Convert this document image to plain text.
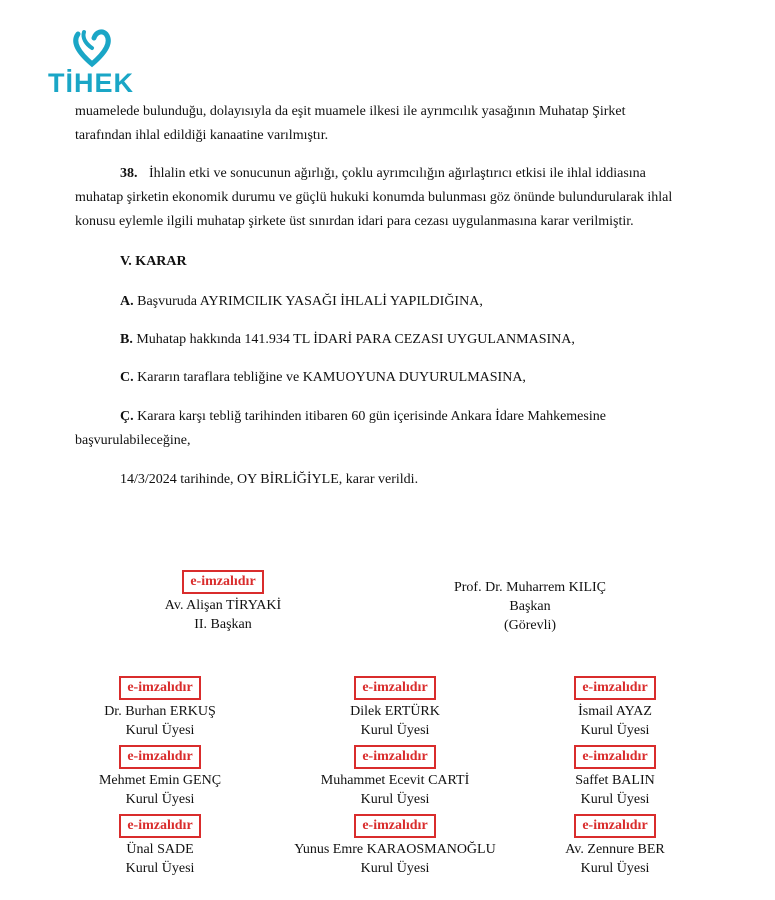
TİHEK

muamelede bulunduğu, dolayısıyla da eşit muamele ilkesi ile ayrımcılık yasağının Muhatap Şirket

tarafından ihlal edildiği kanaatine varılmıştır.

38. İhlalin etki ve sonucunun ağırlığı, çoklu ayrımcılığın ağırlaştırıcı etkisi ile ihlal iddiasına

muhatap şirketin ekonomik durumu ve güçlü hukuki konumda bulunması göz önünde bulundurularak ihlal

konusu eylemle ilgili muhatap şirkete üst sınırdan idari para cezası uygulanmasına karar verilmiştir.

V. KARAR

A. Başvuruda AYRIMCILIK YASAĞI İHLALİ YAPILDIĞINA,

B. Muhatap hakkında 141.934 TL İDARİ PARA CEZASI UYGULANMASINA,

C. Kararın taraflara tebliğine ve KAMUOYUNA DUYURULMASINA,

Ç. Karara karşı tebliğ tarihinden itibaren 60 gün içerisinde Ankara İdare Mahkemesine

başvurulabileceğine,

14/3/2024 tarihinde, OY BİRLİĞİYLE, karar verildi.

e-imzalıdır
Av. Alişan TİRYAKİ
II. Başkan
Prof. Dr. Muharrem KILIÇ
Başkan
(Görevli)
e-imzalıdır
Dr. Burhan ERKUŞ
Kurul Üyesi
e-imzalıdır
Dilek ERTÜRK
Kurul Üyesi
e-imzalıdır
İsmail AYAZ
Kurul Üyesi
e-imzalıdır
Mehmet Emin GENÇ
Kurul Üyesi
e-imzalıdır
Muhammet Ecevit CARTİ
Kurul Üyesi
e-imzalıdır
Saffet BALIN
Kurul Üyesi
e-imzalıdır
Ünal SADE
Kurul Üyesi
e-imzalıdır
Yunus Emre KARAOSMANOĞLU
Kurul Üyesi
e-imzalıdır
Av. Zennure BER
Kurul Üyesi
